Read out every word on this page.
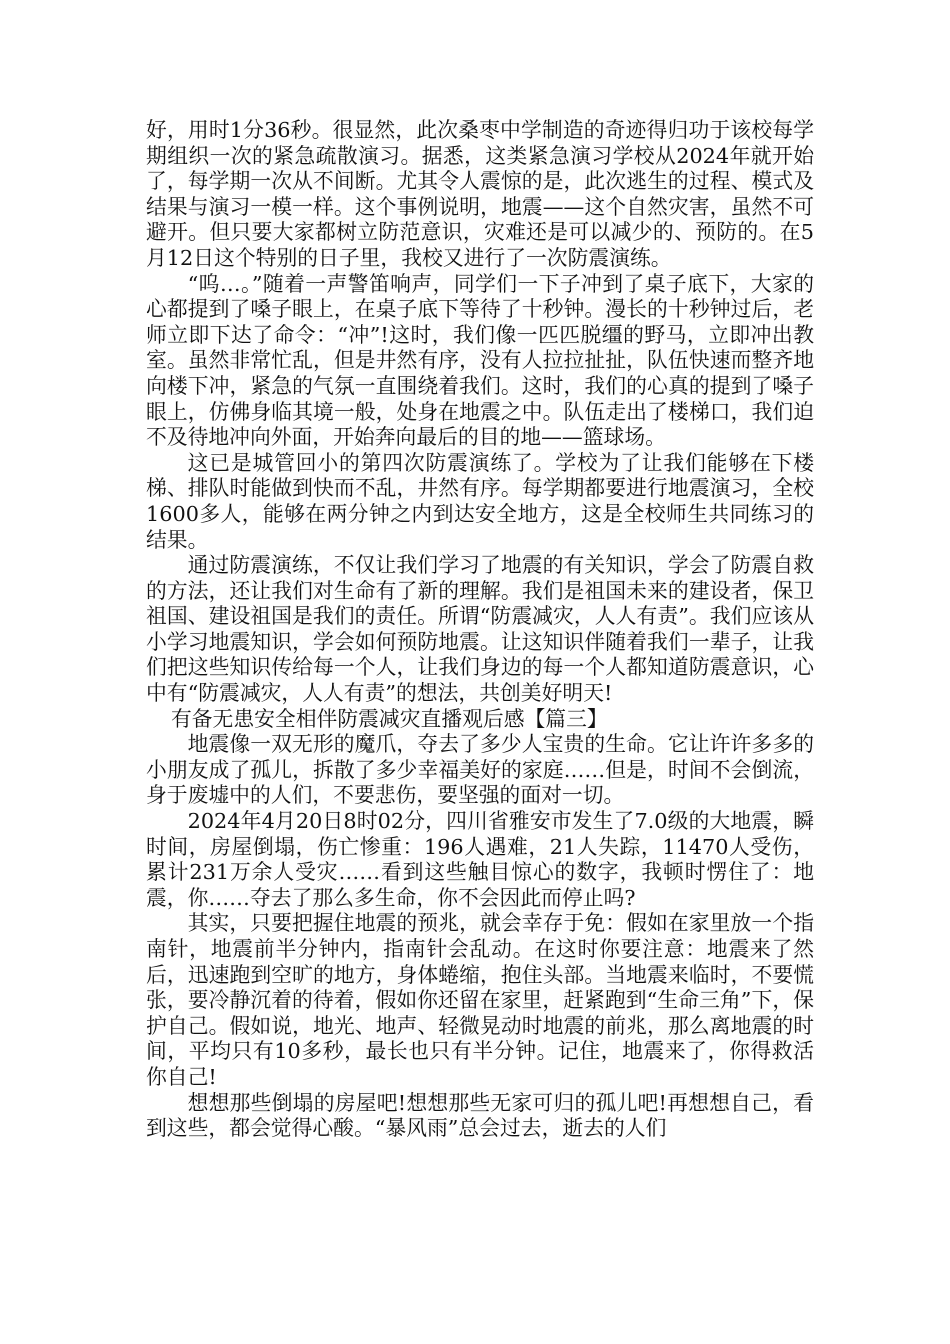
好，用时1分36秒。很显然，此次桑枣中学制造的奇迹得归功于该校每学期组织一次的紧急疏散演习。据悉，这类紧急演习学校从2024年就开始了，每学期一次从不间断。尤其令人震惊的是，此次逃生的过程、模式及结果与演习一模一样。这个事例说明，地震——这个自然灾害，虽然不可避开。但只要大家都树立防范意识，灾难还是可以减少的、预防的。在5月12日这个特别的日子里，我校又进行了一次防震演练。

“呜…。”随着一声警笛响声，同学们一下子冲到了桌子底下，大家的心都提到了嗓子眼上，在桌子底下等待了十秒钟。漫长的十秒钟过后，老师立即下达了命令：“冲”!这时，我们像一匹匹脱缰的野马，立即冲出教室。虽然非常忙乱，但是井然有序，没有人拉拉扯扯，队伍快速而整齐地向楼下冲，紧急的气氛一直围绕着我们。这时，我们的心真的提到了嗓子眼上，仿佛身临其境一般，处身在地震之中。队伍走出了楼梯口，我们迫不及待地冲向外面，开始奔向最后的目的地——篮球场。

这已是城管回小的第四次防震演练了。学校为了让我们能够在下楼梯、排队时能做到快而不乱，井然有序。每学期都要进行地震演习，全校1600多人，能够在两分钟之内到达安全地方，这是全校师生共同练习的结果。

通过防震演练，不仅让我们学习了地震的有关知识，学会了防震自救的方法，还让我们对生命有了新的理解。我们是祖国未来的建设者，保卫祖国、建设祖国是我们的责任。所谓“防震减灾，人人有责”。我们应该从小学习地震知识，学会如何预防地震。让这知识伴随着我们一辈子，让我们把这些知识传给每一个人，让我们身边的每一个人都知道防震意识，心中有“防震减灾，人人有责”的想法，共创美好明天!

有备无患安全相伴防震减灾直播观后感【篇三】

地震像一双无形的魔爪，夺去了多少人宝贵的生命。它让许许多多的小朋友成了孤儿，拆散了多少幸福美好的家庭……但是，时间不会倒流，身于废墟中的人们，不要悲伤，要坚强的面对一切。

2024年4月20日8时02分，四川省雅安市发生了7.0级的大地震，瞬时间，房屋倒塌，伤亡惨重：196人遇难，21人失踪，11470人受伤，累计231万余人受灾……看到这些触目惊心的数字，我顿时愣住了：地震，你……夺去了那么多生命，你不会因此而停止吗?

其实，只要把握住地震的预兆，就会幸存于免：假如在家里放一个指南针，地震前半分钟内，指南针会乱动。在这时你要注意：地震来了然后，迅速跑到空旷的地方，身体蜷缩，抱住头部。当地震来临时，不要慌张，要冷静沉着的待着，假如你还留在家里，赶紧跑到“生命三角”下，保护自己。假如说，地光、地声、轻微晃动时地震的前兆，那么离地震的时间，平均只有10多秒，最长也只有半分钟。记住，地震来了，你得救活你自己!

想想那些倒塌的房屋吧!想想那些无家可归的孤儿吧!再想想自己，看到这些，都会觉得心酸。“暴风雨”总会过去，逝去的人们
